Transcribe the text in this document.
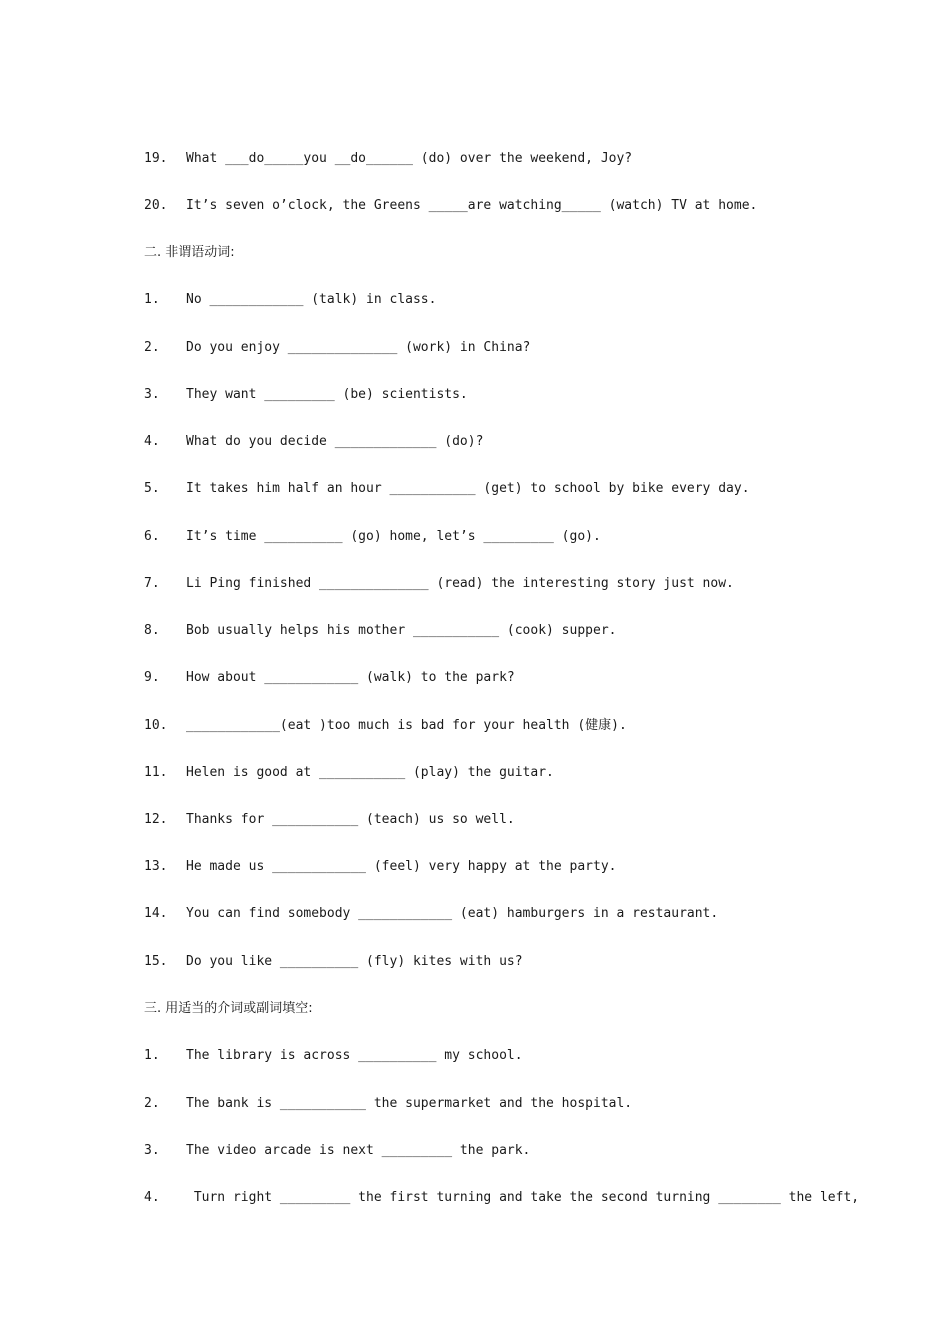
19. What ___do_____you __do______ (do) over the weekend, Joy?
20. It’s seven o’clock, the Greens _____are watching_____ (watch) TV at home.
二. 非谓语动词:
1. No ____________ (talk) in class.
2. Do you enjoy ______________ (work) in China?
3. They want _________ (be) scientists.
4. What do you decide _____________ (do)?
5. It takes him half an hour ___________ (get) to school by bike every day.
6. It’s time __________ (go) home, let’s _________ (go).
7. Li Ping finished ______________ (read) the interesting story just now.
8. Bob usually helps his mother ___________ (cook) supper.
9. How about ____________ (walk) to the park?
10. ____________(eat )too much is bad for your health (健康).
11. Helen is good at ___________ (play) the guitar.
12. Thanks for ___________ (teach) us so well.
13. He made us ____________ (feel) very happy at the party.
14. You can find somebody ____________ (eat) hamburgers in a restaurant.
15. Do you like __________ (fly) kites with us?
三. 用适当的介词或副词填空:
1. The library is across __________ my school.
2. The bank is ___________ the supermarket and the hospital.
3. The video arcade is next _________ the park.
4. Turn right _________ the first turning and take the second turning ________ the left,
